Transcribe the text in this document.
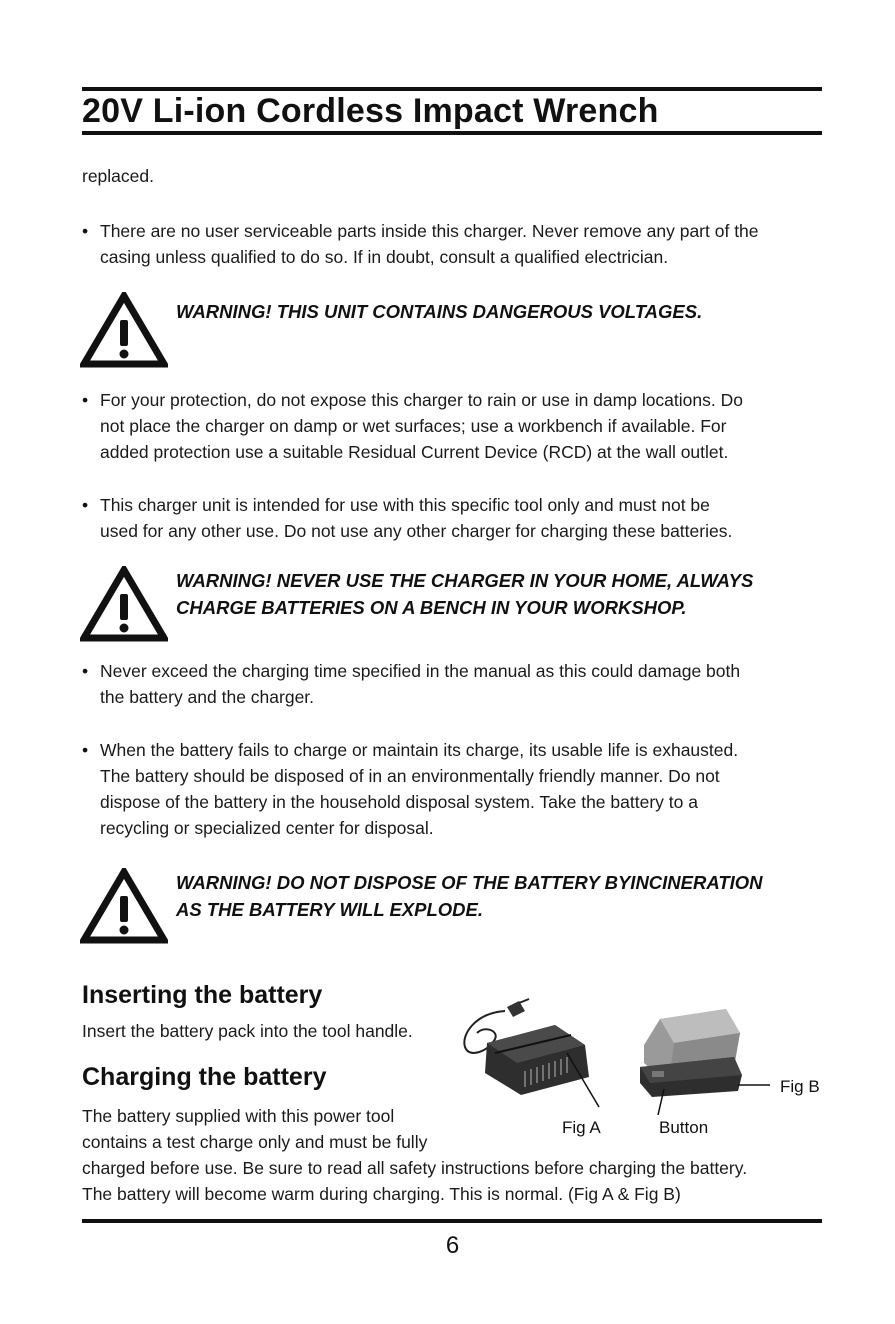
20V Li-ion Cordless Impact Wrench
replaced.
• There are no user serviceable parts inside this charger. Never remove any part of the
casing unless qualified to do so. If in doubt, consult a qualified electrician.
WARNING! THIS UNIT CONTAINS DANGEROUS VOLTAGES.
• For your protection, do not expose this charger to rain or use in damp locations. Do
not place the charger on damp or wet surfaces; use a workbench if available. For
added protection use a suitable Residual Current Device (RCD) at the wall outlet.
• This charger unit is intended for use with this specific tool only and must not be
used for any other use. Do not use any other charger for charging these batteries.
WARNING! NEVER USE THE CHARGER IN YOUR HOME, ALWAYS
CHARGE BATTERIES ON A BENCH IN YOUR WORKSHOP.
• Never exceed the charging time specified in the manual as this could damage both
the battery and the charger.
• When the battery fails to charge or maintain its charge, its usable life is exhausted.
The battery should be disposed of in an environmentally friendly manner. Do not
dispose of the battery in the household disposal system. Take the battery to a
recycling or specialized center for disposal.
WARNING! DO NOT DISPOSE OF THE BATTERY BYINCINERATION
AS THE BATTERY WILL EXPLODE.
Inserting the battery
Insert the battery pack into the tool handle.
Charging the battery
The battery supplied with this power tool
contains a test charge only and must be fully
charged before use. Be sure to read all safety instructions before charging the battery.
The battery will become warm during charging. This is normal. (Fig A & Fig B)
Fig A	Button
Fig B
6
